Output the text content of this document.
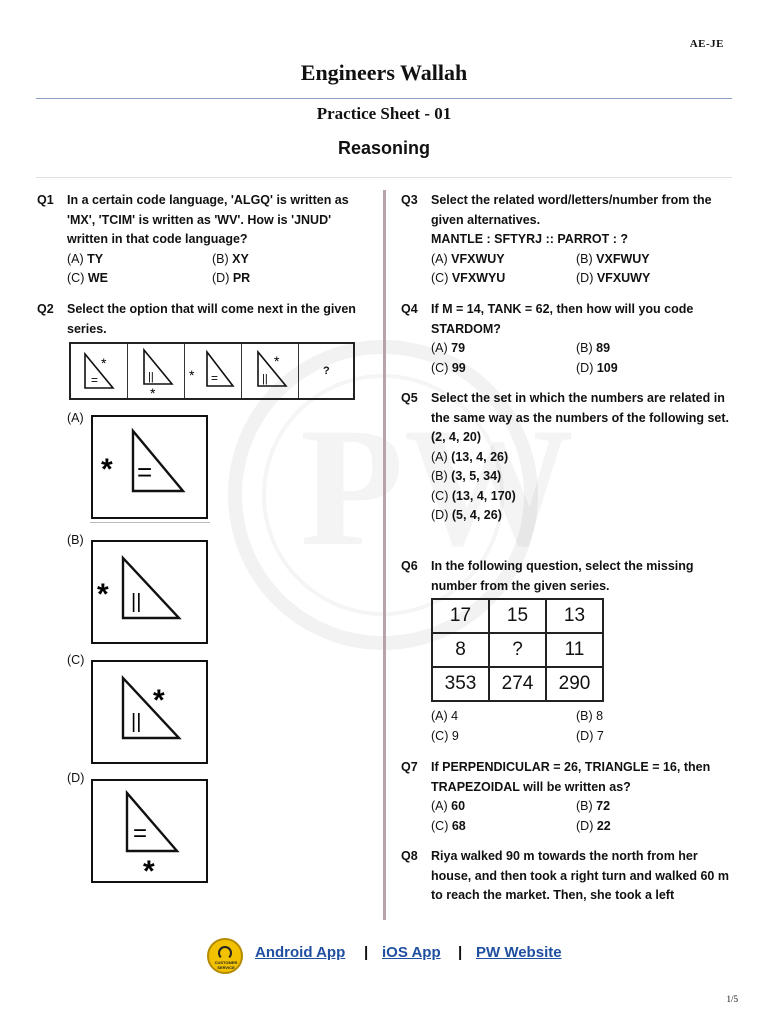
AE-JE
Engineers Wallah
Practice Sheet - 01
Reasoning
Q1 In a certain code language, 'ALGQ' is written as 'MX', 'TCIM' is written as 'WV'. How is 'JNUD' written in that code language?
(A) TY	(B) XY
(C) WE	(D) PR
Q2 Select the option that will come next in the given series.
=
*
||
*
=
*	||
*
?
(A)
=
*
(B)
||
*
(C)
||
*
(D)
=
*
Q3 Select the related word/letters/number from the given alternatives.
MANTLE : SFTYRJ :: PARROT : ?
(A) VFXWUY	(B) VXFWUY
(C) VFXWYU	(D) VFXUWY
Q4 If M = 14, TANK = 62, then how will you code STARDOM?
(A) 79	(B) 89
(C) 99	(D) 109
Q5 Select the set in which the numbers are related in the same way as the numbers of the following set.
(2, 4, 20)
(A) (13, 4, 26)
(B) (3, 5, 34)
(C) (13, 4, 170)
(D) (5, 4, 26)
Q6 In the following question, select the missing number from the given series.
17	15	13
8	?	11
353	274	290
(A) 4	(B) 8
(C) 9	(D) 7
Q7 If PERPENDICULAR = 26, TRIANGLE = 16, then TRAPEZOIDAL will be written as?
(A) 60	(B) 72
(C) 68	(D) 22
Q8 Riya walked 90 m towards the north from her house, and then took a right turn and walked 60 m to reach the market. Then, she took a left
CUSTOMER SERVICE
Android App | iOS App | PW Website
1/5
